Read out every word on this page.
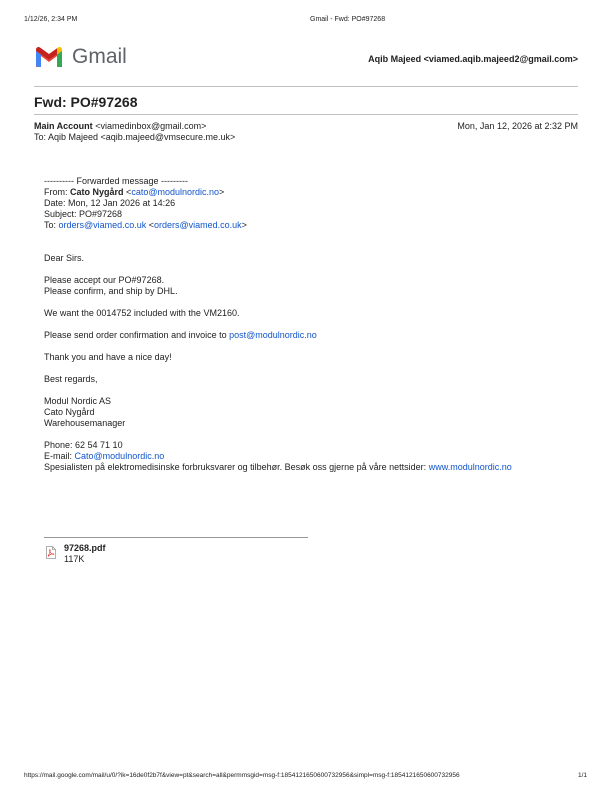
1/12/26, 2:34 PM	Gmail - Fwd: PO#97268
Gmail	Aqib Majeed <viamed.aqib.majeed2@gmail.com>
Fwd: PO#97268
Main Account <viamedinbox@gmail.com>	Mon, Jan 12, 2026 at 2:32 PM
To: Aqib Majeed <aqib.majeed@vmsecure.me.uk>
---------- Forwarded message ---------
From: Cato Nygård <cato@modulnordic.no>
Date: Mon, 12 Jan 2026 at 14:26
Subject: PO#97268
To: orders@viamed.co.uk <orders@viamed.co.uk>
Dear Sirs.
Please accept our PO#97268.
Please confirm, and ship by DHL.
We want the 0014752 included with the VM2160.
Please send order confirmation and invoice to post@modulnordic.no
Thank you and have a nice day!
Best regards,
Modul Nordic AS
Cato Nygård
Warehousemanager
Phone: 62 54 71 10
E-mail: Cato@modulnordic.no
Spesialisten på elektromedisinske forbruksvarer og tilbehør. Besøk oss gjerne på våre nettsider: www.modulnordic.no
97268.pdf
117K
https://mail.google.com/mail/u/0/?ik=16de0f2b7f&view=pt&search=all&permmsgid=msg-f:1854121650600732956&simpl=msg-f:1854121650600732956	1/1
